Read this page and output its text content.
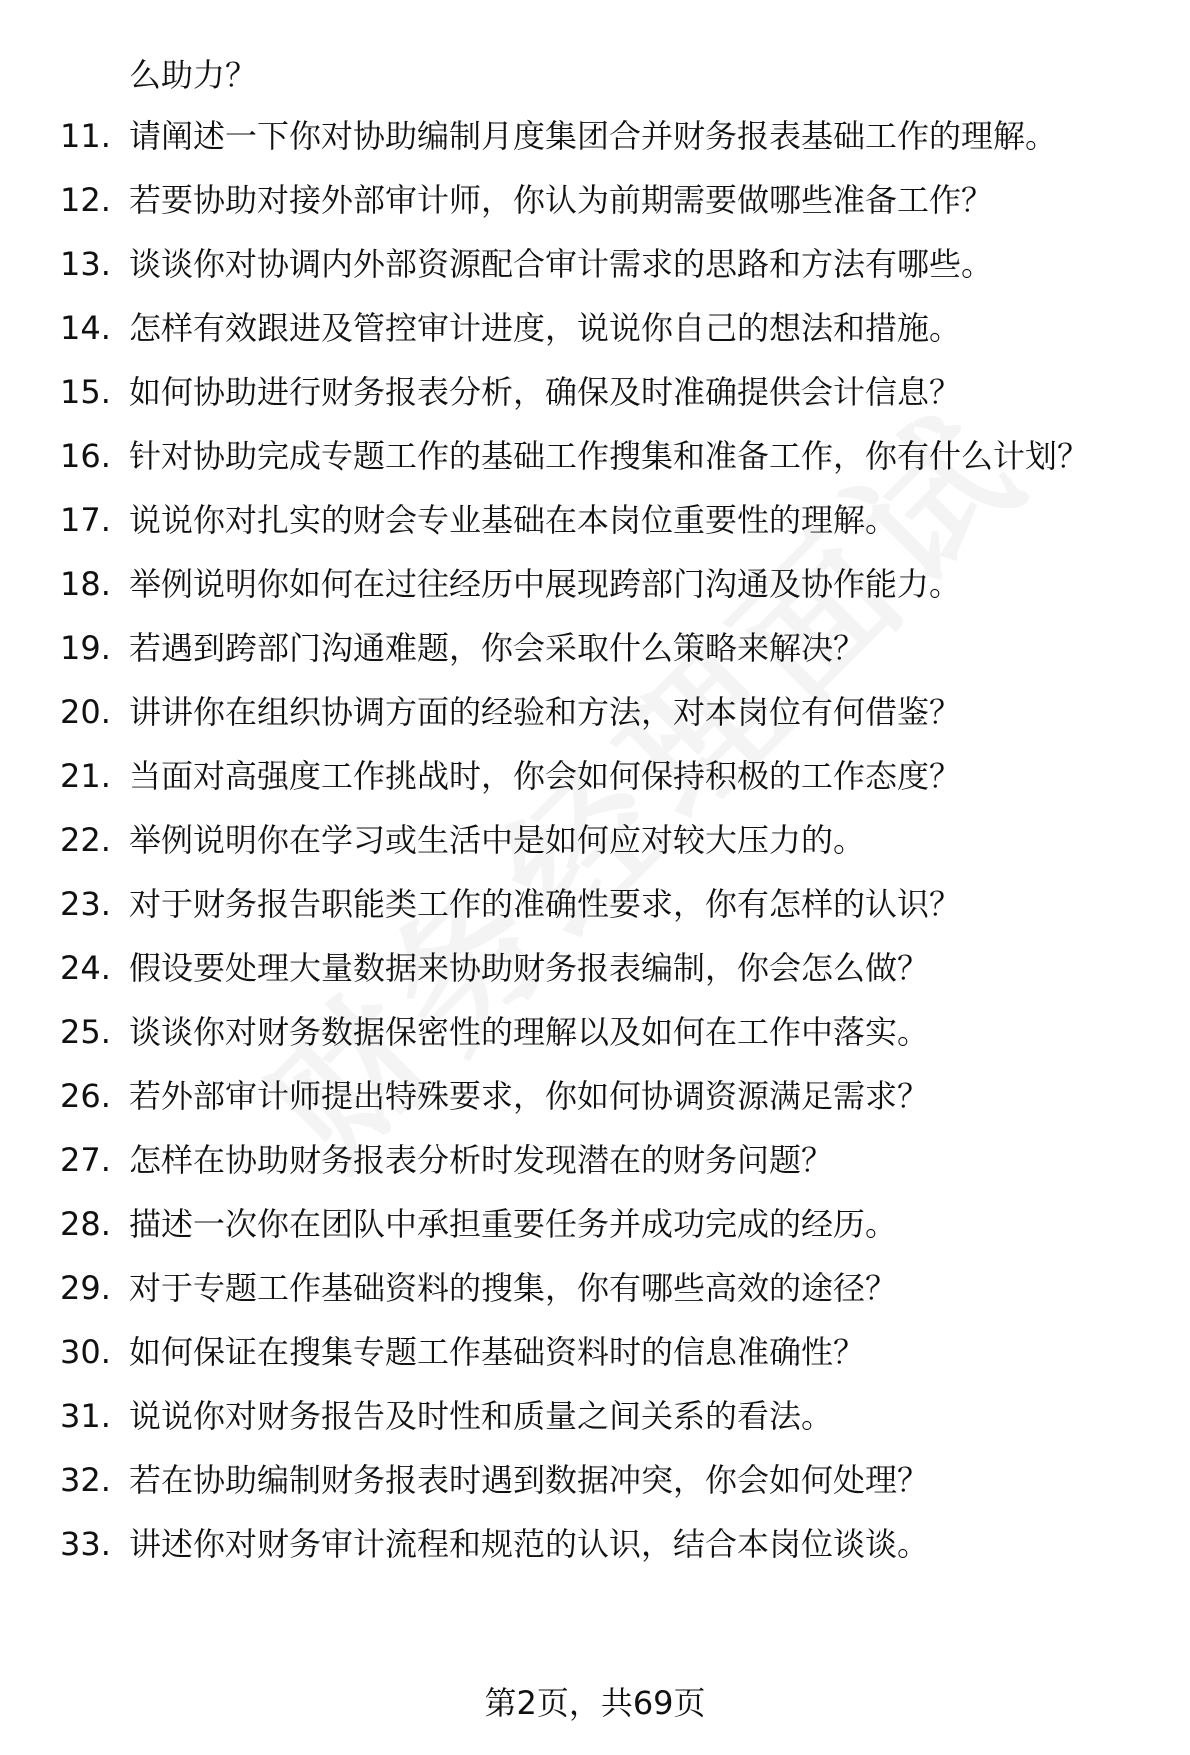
么助力？
11. 请阐述一下你对协助编制月度集团合并财务报表基础工作的理解。
12. 若要协助对接外部审计师，你认为前期需要做哪些准备工作？
13. 谈谈你对协调内外部资源配合审计需求的思路和方法有哪些。
14. 怎样有效跟进及管控审计进度，说说你自己的想法和措施。
15. 如何协助进行财务报表分析，确保及时准确提供会计信息？
16. 针对协助完成专题工作的基础工作搜集和准备工作，你有什么计划？
17. 说说你对扎实的财会专业基础在本岗位重要性的理解。
18. 举例说明你如何在过往经历中展现跨部门沟通及协作能力。
19. 若遇到跨部门沟通难题，你会采取什么策略来解决？
20. 讲讲你在组织协调方面的经验和方法，对本岗位有何借鉴？
21. 当面对高强度工作挑战时，你会如何保持积极的工作态度？
22. 举例说明你在学习或生活中是如何应对较大压力的。
23. 对于财务报告职能类工作的准确性要求，你有怎样的认识？
24. 假设要处理大量数据来协助财务报表编制，你会怎么做？
25. 谈谈你对财务数据保密性的理解以及如何在工作中落实。
26. 若外部审计师提出特殊要求，你如何协调资源满足需求？
27. 怎样在协助财务报表分析时发现潜在的财务问题？
28. 描述一次你在团队中承担重要任务并成功完成的经历。
29. 对于专题工作基础资料的搜集，你有哪些高效的途径？
30. 如何保证在搜集专题工作基础资料时的信息准确性？
31. 说说你对财务报告及时性和质量之间关系的看法。
32. 若在协助编制财务报表时遇到数据冲突，你会如何处理？
33. 讲述你对财务审计流程和规范的认识，结合本岗位谈谈。
第2页，共69页
